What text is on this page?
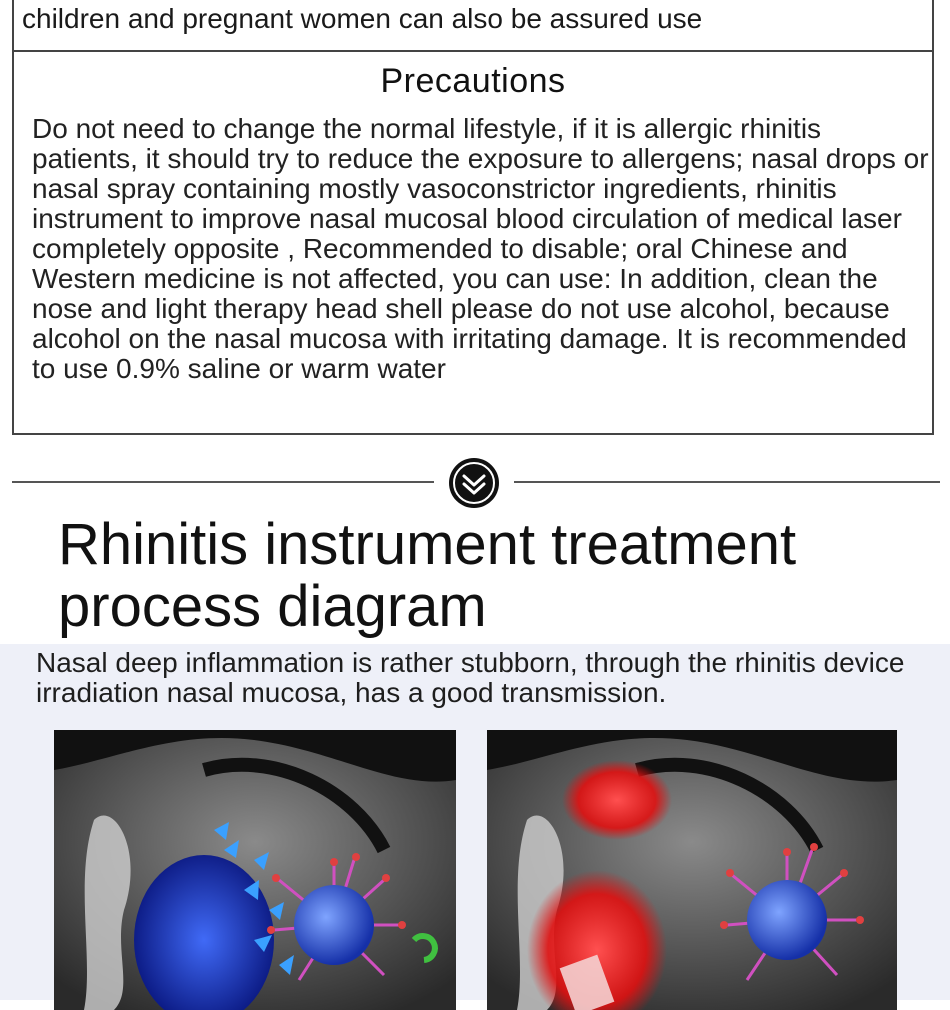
children and pregnant women can also be assured use

Precautions

Do not need to change the normal lifestyle, if it is allergic rhinitis patients, it should try to reduce the exposure to allergens; nasal drops or nasal spray containing mostly vasoconstrictor ingredients, rhinitis instrument to improve nasal mucosal blood circulation of medical laser completely opposite , Recommended to disable; oral Chinese and Western medicine is not affected, you can use: In addition, clean the nose and light therapy head shell please do not use alcohol, because alcohol on the nasal mucosa with irritating damage. It is recommended to use 0.9% saline or warm water

Rhinitis instrument treatment process diagram

Nasal deep inflammation is rather stubborn, through the rhinitis device irradiation nasal mucosa, has a good transmission.
